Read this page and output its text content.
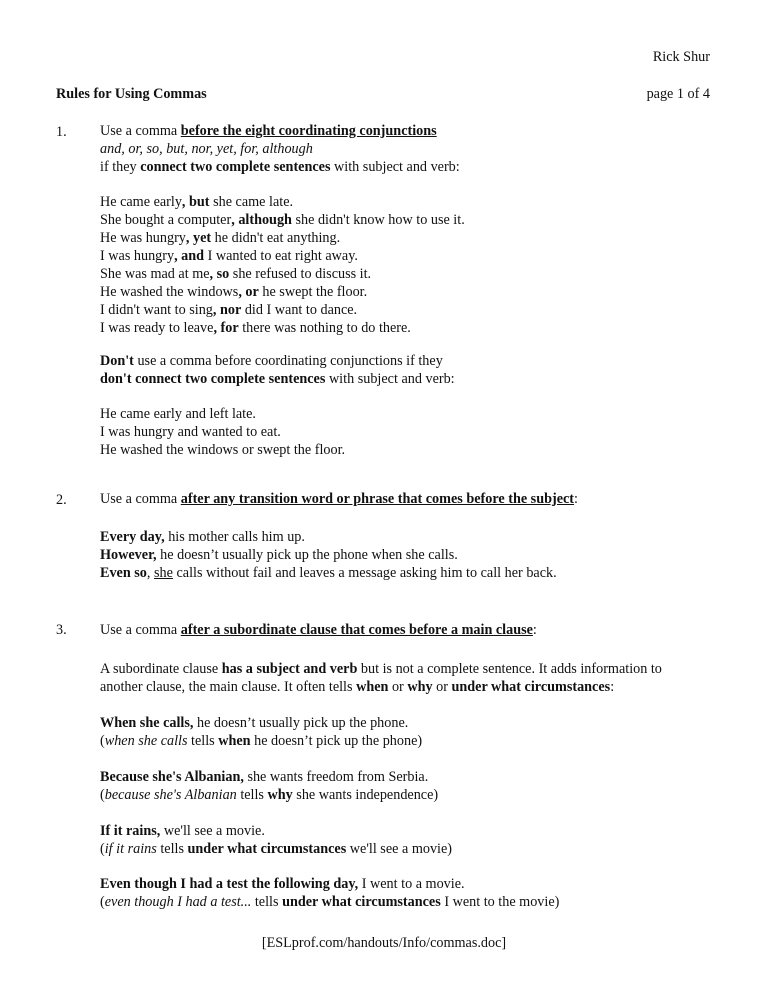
Rick Shur
Rules for Using Commas	page 1 of 4
1. Use a comma before the eight coordinating conjunctions
and, or, so, but, nor, yet, for, although
if they connect two complete sentences with subject and verb:
He came early, but she came late.
She bought a computer, although she didn't know how to use it.
He was hungry, yet he didn't eat anything.
I was hungry, and I wanted to eat right away.
She was mad at me, so she refused to discuss it.
He washed the windows, or he swept the floor.
I didn't want to sing, nor did I want to dance.
I was ready to leave, for there was nothing to do there.
Don't use a comma before coordinating conjunctions if they
don't connect two complete sentences with subject and verb:
He came early and left late.
I was hungry and wanted to eat.
He washed the windows or swept the floor.
2. Use a comma after any transition word or phrase that comes before the subject:
Every day, his mother calls him up.
However, he doesn’t usually pick up the phone when she calls.
Even so, she calls without fail and leaves a message asking him to call her back.
3. Use a comma after a subordinate clause that comes before a main clause:
A subordinate clause has a subject and verb but is not a complete sentence. It adds information to
another clause, the main clause. It often tells when or why or under what circumstances:
When she calls, he doesn’t usually pick up the phone.
(when she calls tells when he doesn’t pick up the phone)
Because she's Albanian, she wants freedom from Serbia.
(because she's Albanian tells why she wants independence)
If it rains, we'll see a movie.
(if it rains tells under what circumstances we'll see a movie)
Even though I had a test the following day, I went to a movie.
(even though I had a test... tells under what circumstances I went to the movie)
[ESLprof.com/handouts/Info/commas.doc]
